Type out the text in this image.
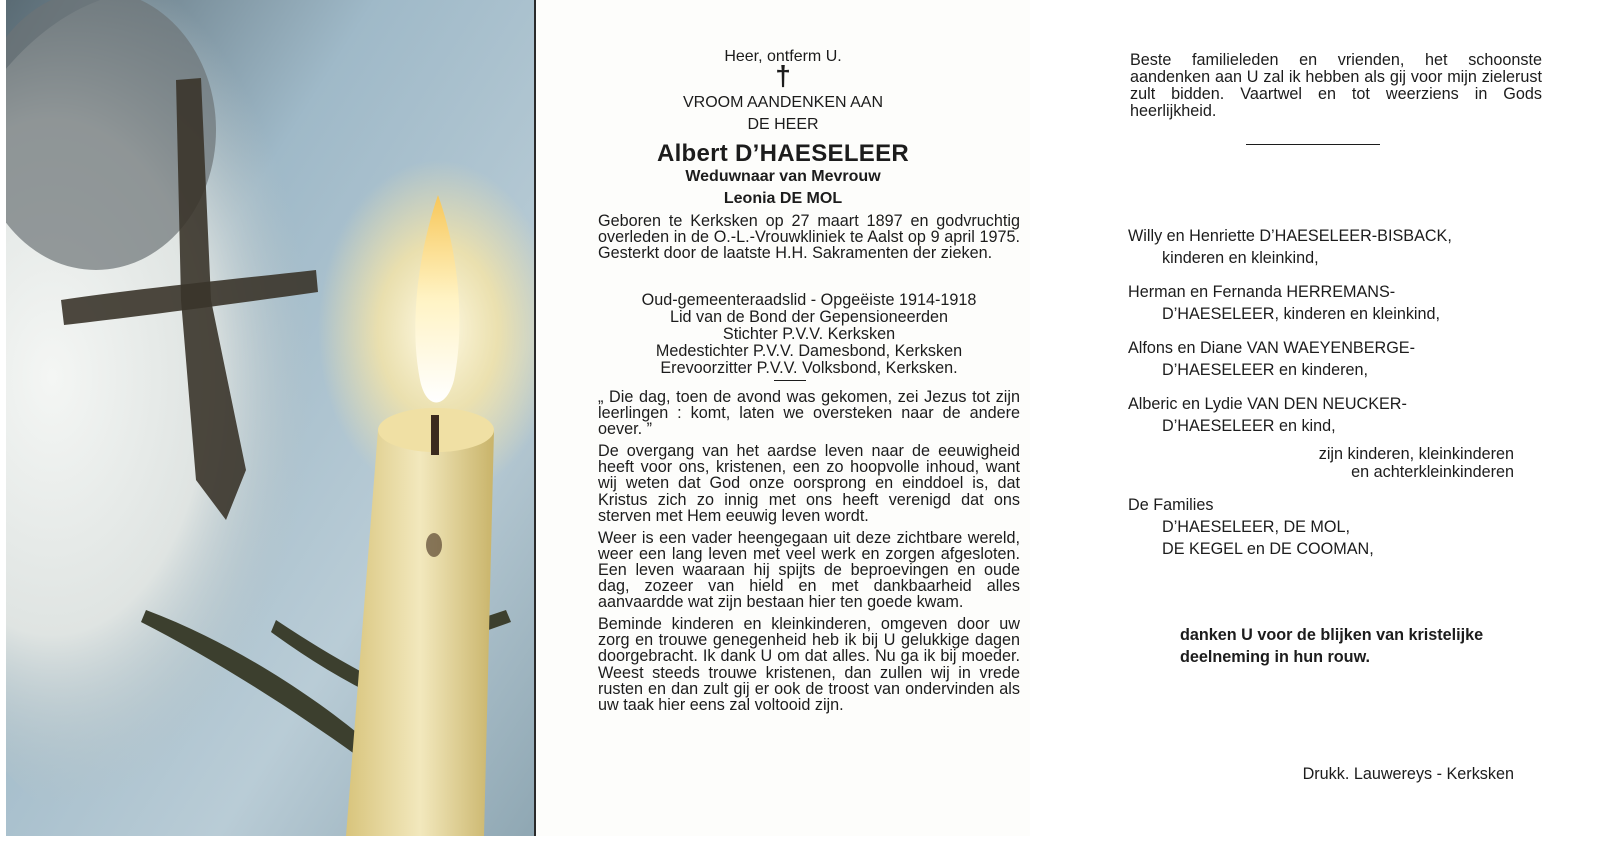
Heer, ontferm U.
†
VROOM AANDENKEN AAN
DE HEER
Albert D’HAESELEER
Weduwnaar van Mevrouw
Leonia DE MOL

Geboren te Kerksken op 27 maart 1897 en godvruchtig overleden in de O.-L.-Vrouwkliniek te Aalst op 9 april 1975. Gesterkt door de laatste H.H. Sakramenten der zieken.

Oud-gemeenteraadslid - Opgeëiste 1914-1918
Lid van de Bond der Gepensioneerden
Stichter P.V.V. Kerksken
Medestichter P.V.V. Damesbond, Kerksken
Erevoorzitter P.V.V. Volksbond, Kerksken.

„ Die dag, toen de avond was gekomen, zei Jezus tot zijn leerlingen : komt, laten we oversteken naar de andere oever. ”

De overgang van het aardse leven naar de eeuwigheid heeft voor ons, kristenen, een zo hoopvolle inhoud, want wij weten dat God onze oorsprong en einddoel is, dat Kristus zich zo innig met ons heeft verenigd dat ons sterven met Hem eeuwig leven wordt.

Weer is een vader heengegaan uit deze zichtbare wereld, weer een lang leven met veel werk en zorgen afgesloten. Een leven waaraan hij spijts de beproevingen en oude dag, zozeer van hield en met dankbaarheid alles aanvaardde wat zijn bestaan hier ten goede kwam.

Beminde kinderen en kleinkinderen, omgeven door uw zorg en trouwe genegenheid heb ik bij U gelukkige dagen doorgebracht. Ik dank U om dat alles. Nu ga ik bij moeder. Weest steeds trouwe kristenen, dan zullen wij in vrede rusten en dan zult gij er ook de troost van ondervinden als uw taak hier eens zal voltooid zijn.

Beste familieleden en vrienden, het schoonste aandenken aan U zal ik hebben als gij voor mijn zielerust zult bidden. Vaartwel en tot weerziens in Gods heerlijkheid.
Willy en Henriette D’HAESELEER-BISBACK,
kinderen en kleinkind,
Herman en Fernanda HERREMANS-
D’HAESELEER, kinderen en kleinkind,
Alfons en Diane VAN WAEYENBERGE-
D’HAESELEER en kinderen,
Alberic en Lydie VAN DEN NEUCKER-
D’HAESELEER en kind,
zijn kinderen, kleinkinderen
en achterkleinkinderen
De Families
D’HAESELEER, DE MOL,
DE KEGEL en DE COOMAN,
danken U voor de blijken van kristelijke
deelneming in hun rouw.
Drukk. Lauwereys - Kerksken
